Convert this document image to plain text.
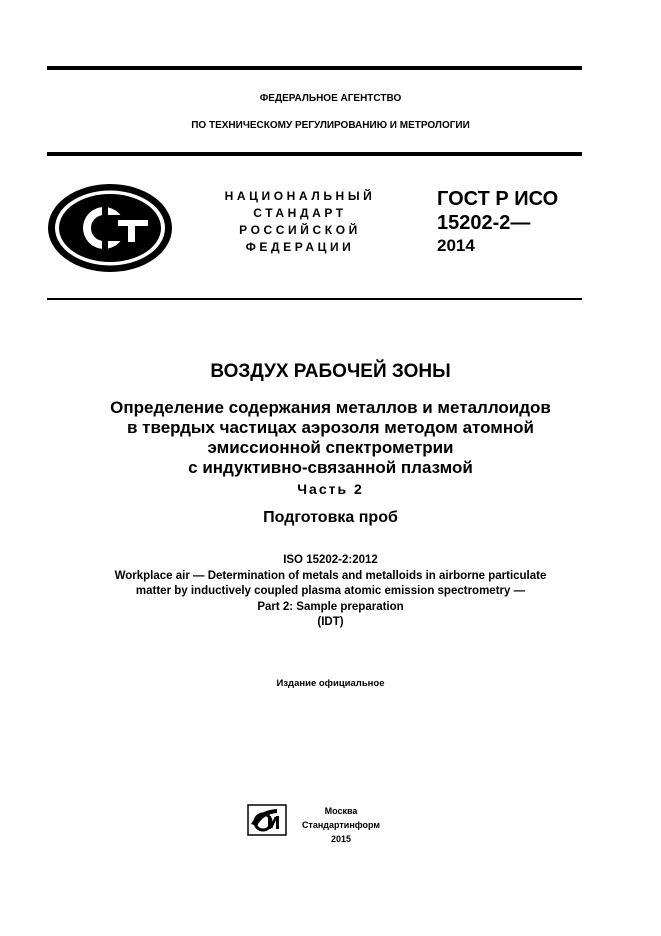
ФЕДЕРАЛЬНОЕ АГЕНТСТВО
ПО ТЕХНИЧЕСКОМУ РЕГУЛИРОВАНИЮ И МЕТРОЛОГИИ
НАЦИОНАЛЬНЫЙ
СТАНДАРТ
РОССИЙСКОЙ
ФЕДЕРАЦИИ
ГОСТ Р ИСО
15202-2—
2014
ВОЗДУХ РАБОЧЕЙ ЗОНЫ
Определение содержания металлов и металлоидов
в твердых частицах аэрозоля методом атомной
эмиссионной спектрометрии
с индуктивно-связанной плазмой
Часть 2
Подготовка проб
ISO 15202-2:2012
Workplace air — Determination of metals and metalloids in airborne particulate
matter by inductively coupled plasma atomic emission spectrometry —
Part 2: Sample preparation
(IDT)
Издание официальное
Москва
Стандартинформ
2015
